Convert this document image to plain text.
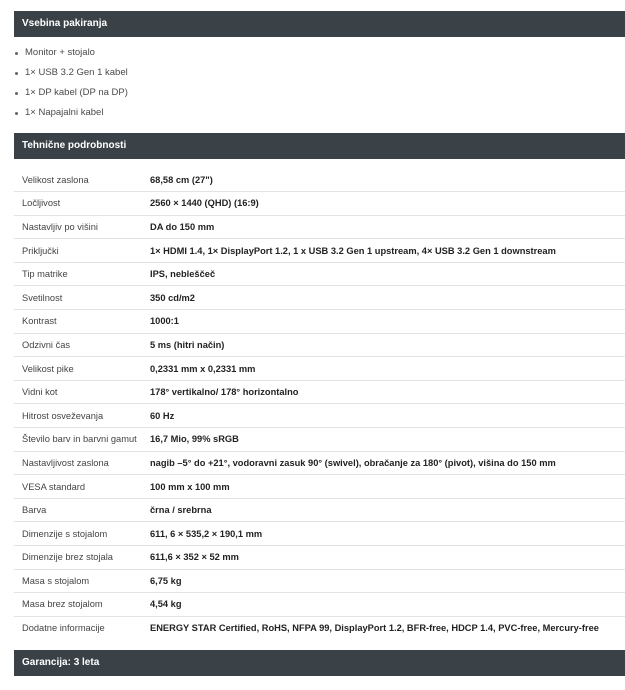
Vsebina pakiranja
Monitor + stojalo
1× USB 3.2 Gen 1 kabel
1× DP kabel (DP na DP)
1× Napajalni kabel
Tehnične podrobnosti
Velikost zaslona	68,58 cm (27")
Ločljivost	2560 × 1440 (QHD) (16:9)
Nastavljiv po višini	DA do 150 mm
Priključki	1× HDMI 1.4, 1× DisplayPort 1.2, 1 x USB 3.2 Gen 1 upstream, 4× USB 3.2 Gen 1 downstream
Tip matrike	IPS, nebleščeč
Svetilnost	350 cd/m2
Kontrast	1000:1
Odzivni čas	5 ms (hitri način)
Velikost pike	0,2331 mm x 0,2331 mm
Vidni kot	178° vertikalno/ 178° horizontalno
Hitrost osveževanja	60 Hz
Število barv in barvni gamut	16,7 Mio, 99% sRGB
Nastavljivost zaslona	nagib –5° do +21°, vodoravni zasuk 90° (swivel), obračanje za 180° (pivot), višina do 150 mm
VESA standard	100 mm x 100 mm
Barva	črna / srebrna
Dimenzije s stojalom	611, 6 × 535,2 × 190,1 mm
Dimenzije brez stojala	611,6 × 352 × 52 mm
Masa s stojalom	6,75 kg
Masa brez stojalom	4,54 kg
Dodatne informacije	ENERGY STAR Certified, RoHS, NFPA 99, DisplayPort 1.2, BFR-free, HDCP 1.4, PVC-free, Mercury-free
Garancija: 3 leta
